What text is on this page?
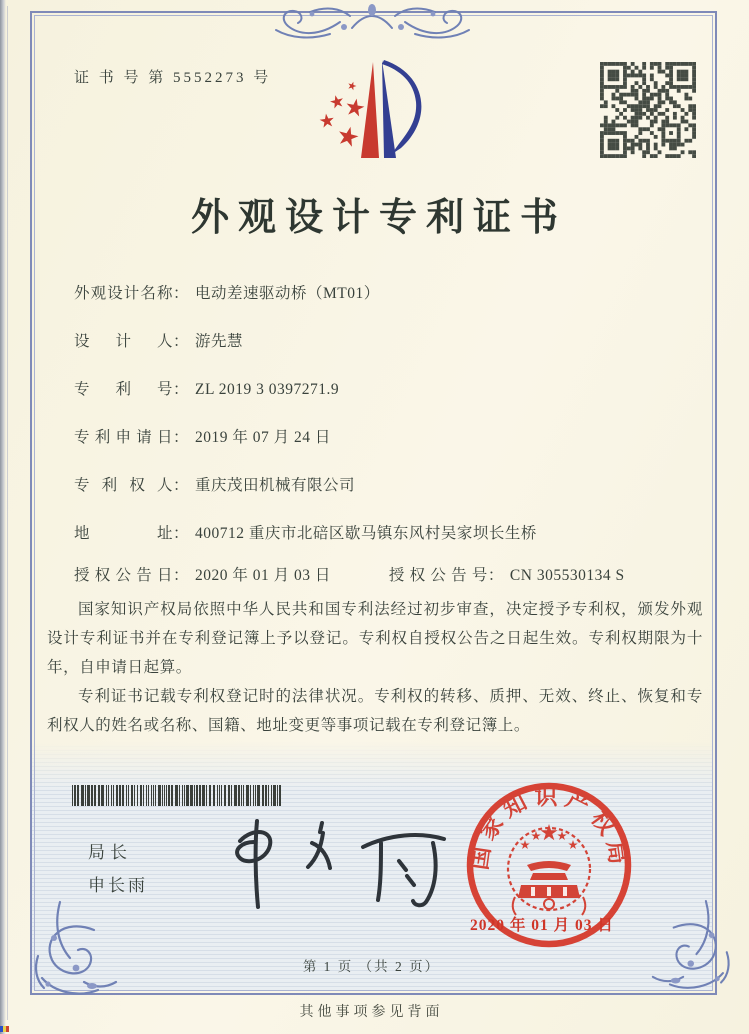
证 书 号 第 5552273 号
外观设计专利证书
外观设计名称： 电动差速驱动桥（MT01）
设计人： 游先慧
专利号： ZL 2019 3 0397271.9
专利申请日： 2019 年 07 月 24 日
专利权人： 重庆茂田机械有限公司
地址： 400712 重庆市北碚区歇马镇东风村吴家坝长生桥
授权公告日： 2020 年 01 月 03 日	授权公告号： CN 305530134 S

国家知识产权局依照中华人民共和国专利法经过初步审查，决定授予专利权，颁发外观设计专利证书并在专利登记簿上予以登记。专利权自授权公告之日起生效。专利权期限为十年，自申请日起算。

专利证书记载专利权登记时的法律状况。专利权的转移、质押、无效、终止、恢复和专利权人的姓名或名称、国籍、地址变更等事项记载在专利登记簿上。

局长
申长雨
国家知识产权局
2020 年 01 月 03 日
第 1 页 （共 2 页）
其他事项参见背面
